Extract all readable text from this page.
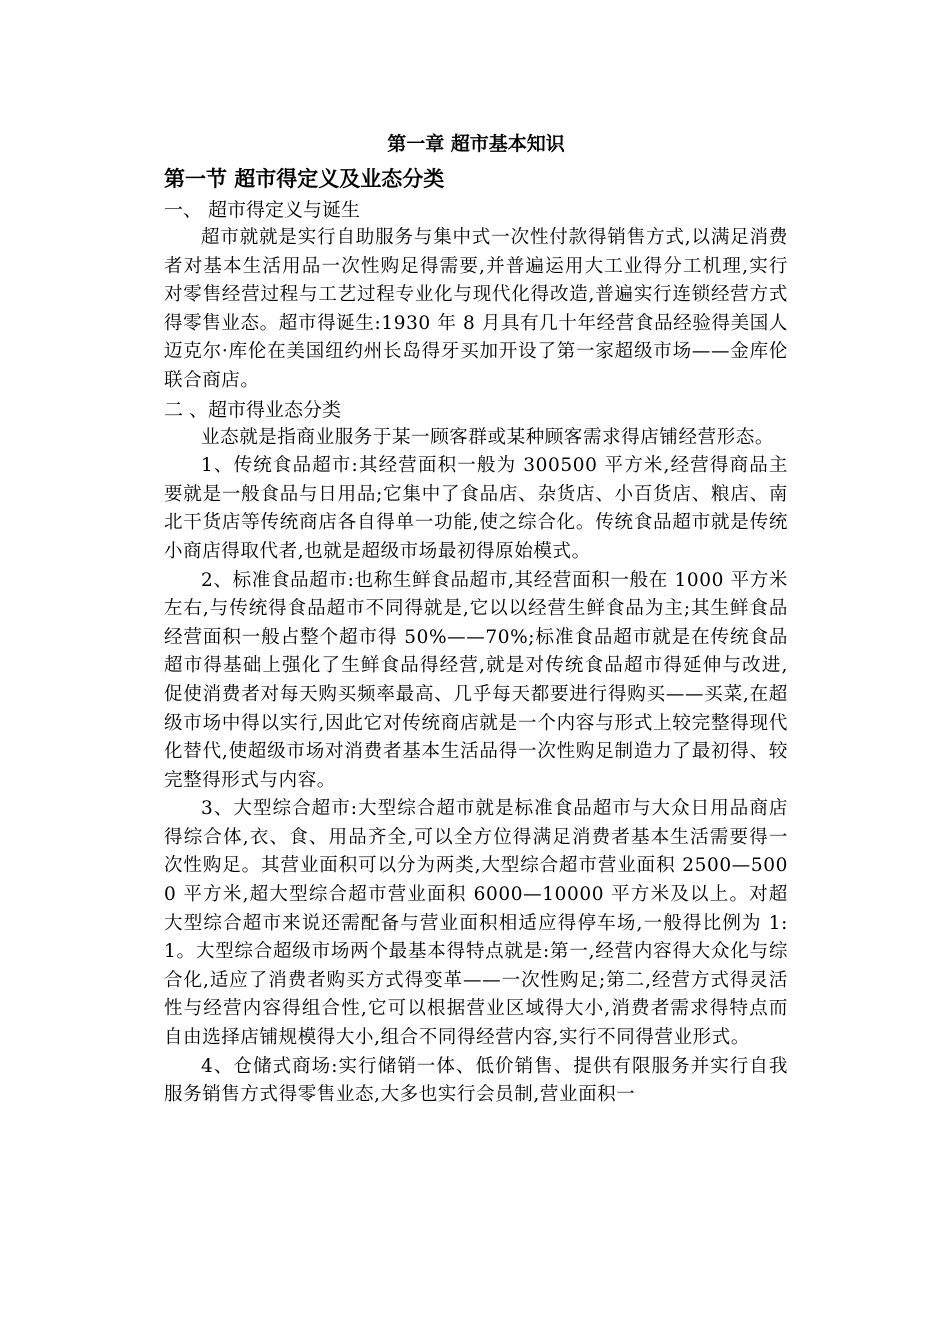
第一章 超市基本知识
第一节 超市得定义及业态分类

一、 超市得定义与诞生

超市就就是实行自助服务与集中式一次性付款得销售方式,以满足消费者对基本生活用品一次性购足得需要,并普遍运用大工业得分工机理,实行对零售经营过程与工艺过程专业化与现代化得改造,普遍实行连锁经营方式得零售业态。超市得诞生:1930 年 8 月具有几十年经营食品经验得美国人迈克尔·库伦在美国纽约州长岛得牙买加开设了第一家超级市场——金库伦联合商店。

二 、超市得业态分类

业态就是指商业服务于某一顾客群或某种顾客需求得店铺经营形态。

1、传统食品超市:其经营面积一般为 300500 平方米,经营得商品主要就是一般食品与日用品;它集中了食品店、杂货店、小百货店、粮店、南北干货店等传统商店各自得单一功能,使之综合化。传统食品超市就是传统小商店得取代者,也就是超级市场最初得原始模式。

2、标准食品超市:也称生鲜食品超市,其经营面积一般在 1000 平方米左右,与传统得食品超市不同得就是,它以以经营生鲜食品为主;其生鲜食品经营面积一般占整个超市得 50%——70%;标准食品超市就是在传统食品超市得基础上强化了生鲜食品得经营,就是对传统食品超市得延伸与改进,促使消费者对每天购买频率最高、几乎每天都要进行得购买——买菜,在超级市场中得以实行,因此它对传统商店就是一个内容与形式上较完整得现代化替代,使超级市场对消费者基本生活品得一次性购足制造力了最初得、较完整得形式与内容。

3、大型综合超市:大型综合超市就是标准食品超市与大众日用品商店得综合体,衣、食、用品齐全,可以全方位得满足消费者基本生活需要得一次性购足。其营业面积可以分为两类,大型综合超市营业面积 2500—5000 平方米,超大型综合超市营业面积 6000—10000 平方米及以上。对超大型综合超市来说还需配备与营业面积相适应得停车场,一般得比例为 1:1。大型综合超级市场两个最基本得特点就是:第一,经营内容得大众化与综合化,适应了消费者购买方式得变革——一次性购足;第二,经营方式得灵活性与经营内容得组合性,它可以根据营业区域得大小,消费者需求得特点而自由选择店铺规模得大小,组合不同得经营内容,实行不同得营业形式。

4、仓储式商场:实行储销一体、低价销售、提供有限服务并实行自我服务销售方式得零售业态,大多也实行会员制,营业面积一
